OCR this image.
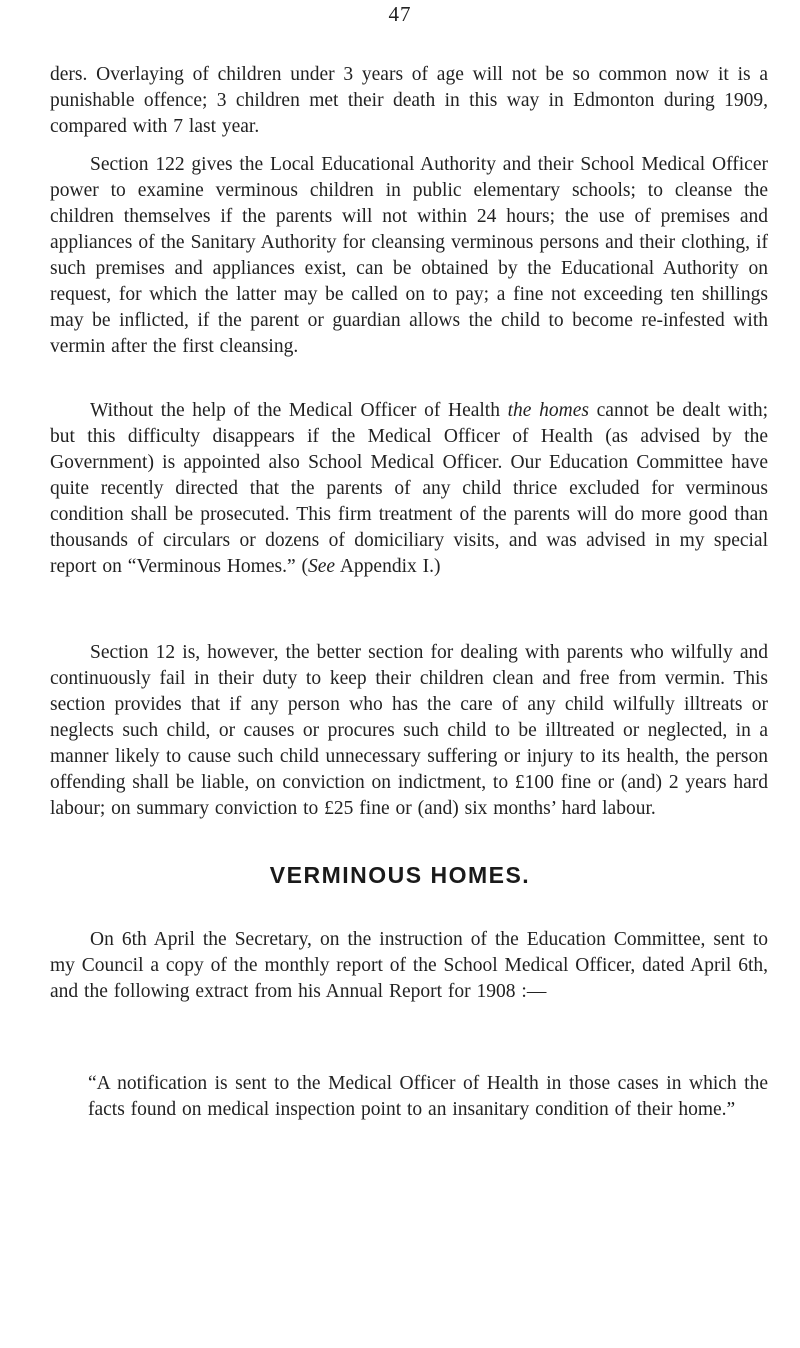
47

ders. Overlaying of children under 3 years of age will not be so common now it is a punishable offence; 3 children met their death in this way in Edmonton during 1909, compared with 7 last year.

Section 122 gives the Local Educational Authority and their School Medical Officer power to examine verminous children in public elementary schools; to cleanse the children themselves if the parents will not within 24 hours; the use of premises and appliances of the Sanitary Authority for cleansing verminous persons and their clothing, if such premises and appliances exist, can be obtained by the Educational Authority on request, for which the latter may be called on to pay; a fine not exceeding ten shillings may be inflicted, if the parent or guardian allows the child to become re-infested with vermin after the first cleansing.

Without the help of the Medical Officer of Health the homes cannot be dealt with; but this difficulty disappears if the Medical Officer of Health (as advised by the Government) is appointed also School Medical Officer. Our Education Committee have quite recently directed that the parents of any child thrice excluded for verminous condition shall be prosecuted. This firm treatment of the parents will do more good than thousands of circulars or dozens of domiciliary visits, and was advised in my special report on “Verminous Homes.” (See Appendix I.)

Section 12 is, however, the better section for dealing with parents who wilfully and continuously fail in their duty to keep their children clean and free from vermin. This section provides that if any person who has the care of any child wilfully illtreats or neglects such child, or causes or procures such child to be illtreated or neglected, in a manner likely to cause such child unnecessary suffering or injury to its health, the person offending shall be liable, on conviction on indictment, to £100 fine or (and) 2 years hard labour; on summary conviction to £25 fine or (and) six months’ hard labour.

VERMINOUS HOMES.

On 6th April the Secretary, on the instruction of the Education Committee, sent to my Council a copy of the monthly report of the School Medical Officer, dated April 6th, and the following extract from his Annual Report for 1908 :—

“A notification is sent to the Medical Officer of Health in those cases in which the facts found on medical inspection point to an insanitary condition of their home.”
